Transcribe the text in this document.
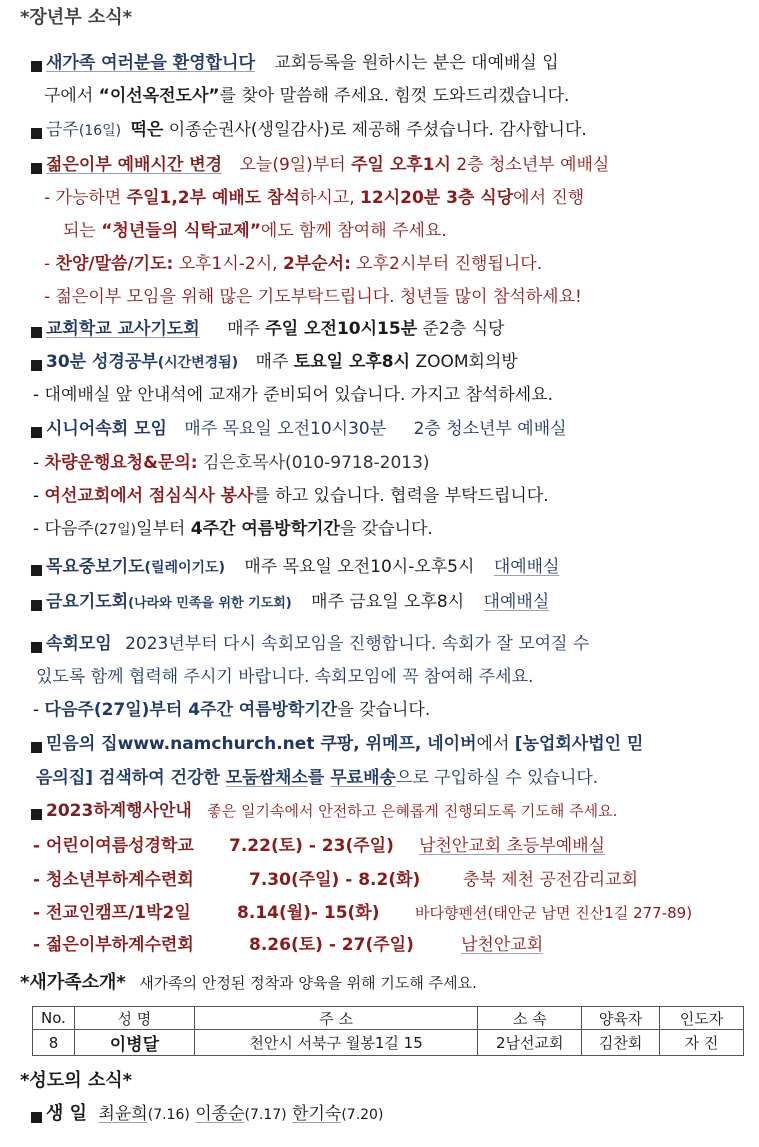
*장년부 소식*
새가족 여러분을 환영합니다 교회등록을 원하시는 분은 대예배실 입
구에서 “이선옥전도사”를 찾아 말씀해 주세요. 힘껏 도와드리겠습니다.
금주(16일) 떡은 이종순권사(생일감사)로 제공해 주셨습니다. 감사합니다.
젊은이부 예배시간 변경 오늘(9일)부터 주일 오후1시 2층 청소년부 예배실
- 가능하면 주일1,2부 예배도 참석하시고, 12시20분 3층 식당에서 진행
되는 “청년들의 식탁교제”에도 함께 참여해 주세요.
- 찬양/말씀/기도: 오후1시-2시, 2부순서: 오후2시부터 진행됩니다.
- 젊은이부 모임을 위해 많은 기도부탁드립니다. 청년들 많이 참석하세요!
교회학교 교사기도회 매주 주일 오전10시15분 준2층 식당
30분 성경공부(시간변경됨) 매주 토요일 오후8시 ZOOM회의방
- 대예배실 앞 안내석에 교재가 준비되어 있습니다. 가지고 참석하세요.
시니어속회 모임 매주 목요일 오전10시30분 2층 청소년부 예배실
- 차량운행요청&문의: 김은호목사(010-9718-2013)
- 여선교회에서 점심식사 봉사를 하고 있습니다. 협력을 부탁드립니다.
- 다음주(27일)일부터 4주간 여름방학기간을 갖습니다.
목요중보기도(릴레이기도) 매주 목요일 오전10시-오후5시 대예배실
금요기도회(나라와 민족을 위한 기도회) 매주 금요일 오후8시 대예배실
속회모임 2023년부터 다시 속회모임을 진행합니다. 속회가 잘 모여질 수
있도록 함께 협력해 주시기 바랍니다. 속회모임에 꼭 참여해 주세요.
- 다음주(27일)부터 4주간 여름방학기간을 갖습니다.
믿음의 집www.namchurch.net 쿠팡, 위메프, 네이버에서 [농업회사법인 믿
음의집] 검색하여 건강한 모둠쌈채소를 무료배송으로 구입하실 수 있습니다.
2023하계행사안내 좋은 일기속에서 안전하고 은혜롭게 진행되도록 기도해 주세요.
- 어린이여름성경학교 7.22(토) - 23(주일) 남천안교회 초등부예배실
- 청소년부하계수련회	7.30(주일) - 8.2(화)	충북 제천 공전감리교회
- 전교인캠프/1박2일	8.14(월)- 15(화) 바다향펜션(태안군 남면 진산1길 277-89)
- 젊은이부하계수련회	8.26(토) - 27(주일)	남천안교회
*새가족소개* 새가족의 안정된 정착과 양육을 위해 기도해 주세요.
No.	성 명	주 소	소 속	양육자	인도자
8	이병달	천안시 서북구 월봉1길 15	2남선교회	김찬회	자 진
*성도의 소식*
생 일 최윤희(7.16) 이종순(7.17) 한기숙(7.20)
